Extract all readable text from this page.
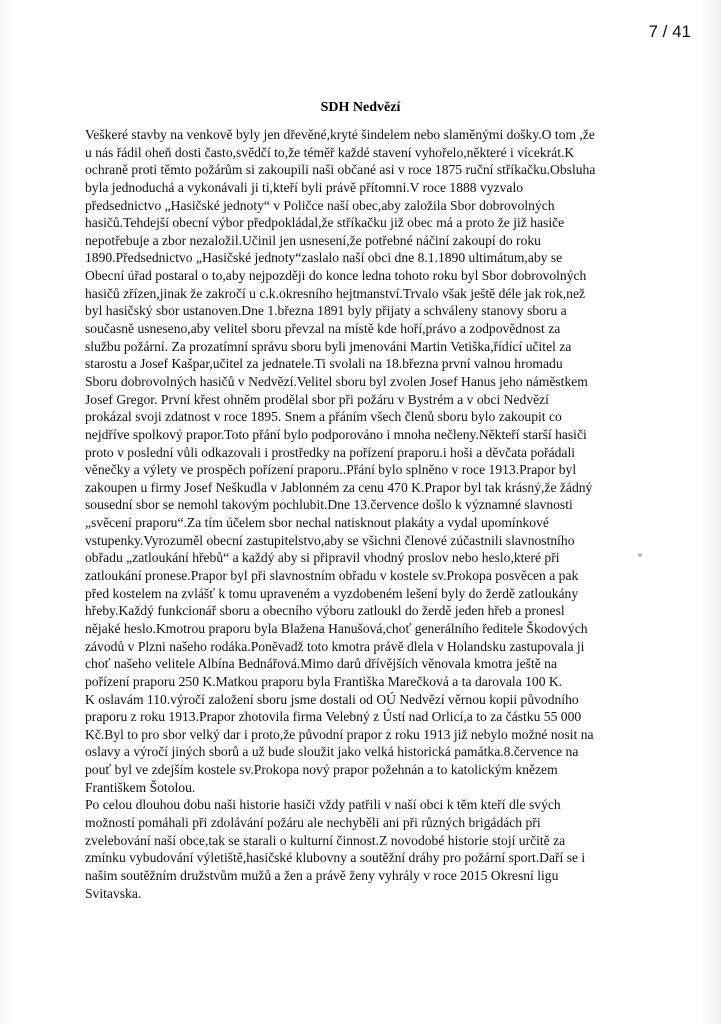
7 / 41
SDH Nedvězí
Veškeré stavby na venkově byly jen dřevěné,kryté šindelem nebo slaměnými došky.O tom ,že
u nás řádil oheň dosti často,svědčí to,že téměř každé stavení vyhořelo,některé i vícekrát.K
ochraně proti těmto požárům si zakoupili naši občané asi v roce 1875 ruční stříkačku.Obsluha
byla jednoduchá a vykonávali ji ti,kteří byli právě přítomni.V roce 1888 vyzvalo
předsednictvo „Hasičské jednoty“ v Poličce naší obec,aby založila Sbor dobrovolných
hasičů.Tehdejší obecní výbor předpokládal,že stříkačku již obec má a proto že již hasiče
nepotřebuje a zbor nezaložil.Učinil jen usnesení,že potřebné náčiní zakoupí do roku
1890.Předsednictvo „Hasičské jednoty“zaslalo naší obci dne 8.1.1890 ultimátum,aby se
Obecní úřad postaral o to,aby nejpozději do konce ledna tohoto roku byl Sbor dobrovolných
hasičů zřízen,jinak že zakročí u c.k.okresního hejtmanství.Trvalo však ještě déle jak rok,než
byl hasičský sbor ustanoven.Dne 1.března 1891 byly přijaty a schváleny stanovy sboru a
současně usneseno,aby velitel sboru převzal na místě kde hoří,právo a zodpovědnost za
službu požární. Za prozatímní správu sboru byli jmenováni Martin Vetiška,řídící učitel za
starostu a Josef Kašpar,učitel za jednatele.Ti svolali na 18.března první valnou hromadu
Sboru dobrovolných hasičů v Nedvězí.Velitel sboru byl zvolen Josef Hanus jeho náměstkem
Josef Gregor. První křest ohněm prodělal sbor při požáru v Bystrém a v obci Nedvězí
prokázal svoji zdatnost v roce 1895. Snem a přáním všech členů sboru bylo zakoupit co
nejdříve spolkový prapor.Toto přání bylo podporováno i mnoha nečleny.Někteří starší hasiči
proto v poslední vůli odkazovali i prostředky na pořízení praporu.i hoši a děvčata pořádali
věnečky a výlety ve prospěch pořízení praporu..Přání bylo splněno v roce 1913.Prapor byl
zakoupen u firmy Josef Neškudla v Jablonném za cenu 470 K.Prapor byl tak krásný,že žádný
sousední sbor se nemohl takovým pochlubit.Dne 13.července došlo k významné slavnosti
„svěcení praporu“.Za tím účelem sbor nechal natisknout plakáty a vydal upomínkové
vstupenky.Vyrozuměl obecní zastupitelstvo,aby se všichni členové zúčastnili slavnostního
obřadu „zatloukání hřebů“ a každý aby si připravil vhodný proslov nebo heslo,které při
zatloukání pronese.Prapor byl při slavnostním obřadu v kostele sv.Prokopa posvěcen a pak
před kostelem na zvlášť k tomu upraveném a vyzdobeném lešení byly do žerdě zatloukány
hřeby.Každý funkcionář sboru a obecního výboru zatloukl do žerdě jeden hřeb a pronesl
nějaké heslo.Kmotrou praporu byla Blažena Hanušová,choť generálního ředitele Škodových
závodů v Plzni našeho rodáka.Poněvadž toto kmotra právě dlela v Holandsku zastupovala ji
choť našeho velitele Albína Bednářová.Mimo darů dřívějších věnovala kmotra ještě na
pořízení praporu 250 K.Matkou praporu byla Františka Marečková a ta darovala 100 K.
K oslavám 110.výročí založení sboru jsme dostali od OÚ Nedvězí věrnou kopii původního
praporu z roku 1913.Prapor zhotovila firma Velebný z Ústí nad Orlicí,a to za částku 55 000
Kč.Byl to pro sbor velký dar i proto,že původní prapor z roku 1913 již nebylo možné nosit na
oslavy a výročí jiných sborů a už bude sloužit jako velká historická památka.8.července na
pouť byl ve zdejším kostele sv.Prokopa nový prapor požehnán a to katolickým knězem
Františkem Šotolou.
Po celou dlouhou dobu naši historie hasiči vždy patřili v naší obci k těm kteří dle svých
možností pomáhali při zdolávání požáru ale nechyběli ani při různých brigádách při
zvelebování naší obce,tak se starali o kulturní činnost.Z novodobé historie stojí určitě za
zmínku vybudování výletiště,hasičské klubovny a soutěžní dráhy pro požární sport.Daří se i
našim soutěžním družstvům mužů a žen a právě ženy vyhrály v roce 2015 Okresní ligu
Svitavska.
